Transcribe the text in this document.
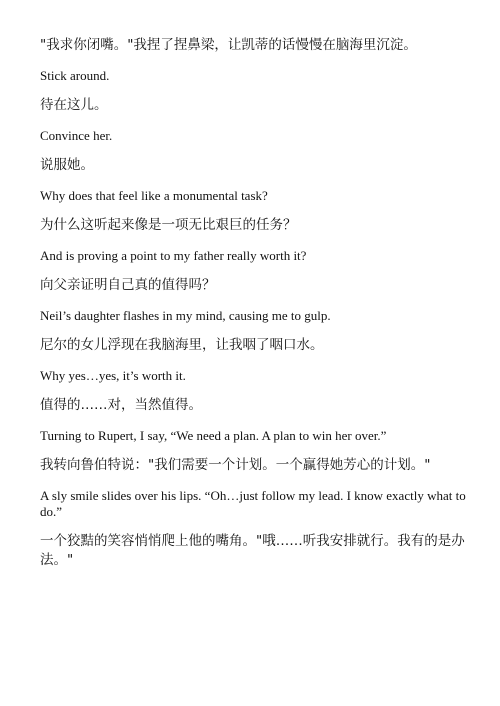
"我求你闭嘴。"我捏了捏鼻梁，让凯蒂的话慢慢在脑海里沉淀。

Stick around.

待在这儿。

Convince her.

说服她。

Why does that feel like a monumental task?

为什么这听起来像是一项无比艰巨的任务？

And is proving a point to my father really worth it?

向父亲证明自己真的值得吗？

Neil’s daughter flashes in my mind, causing me to gulp.

尼尔的女儿浮现在我脑海里，让我咽了咽口水。

Why yes…yes, it’s worth it.

值得的……对，当然值得。

Turning to Rupert, I say, “We need a plan. A plan to win her over.”

我转向鲁伯特说："我们需要一个计划。一个赢得她芳心的计划。"

A sly smile slides over his lips. “Oh…just follow my lead. I know exactly what to do.”

一个狡黠的笑容悄悄爬上他的嘴角。"哦……听我安排就行。我有的是办法。"
